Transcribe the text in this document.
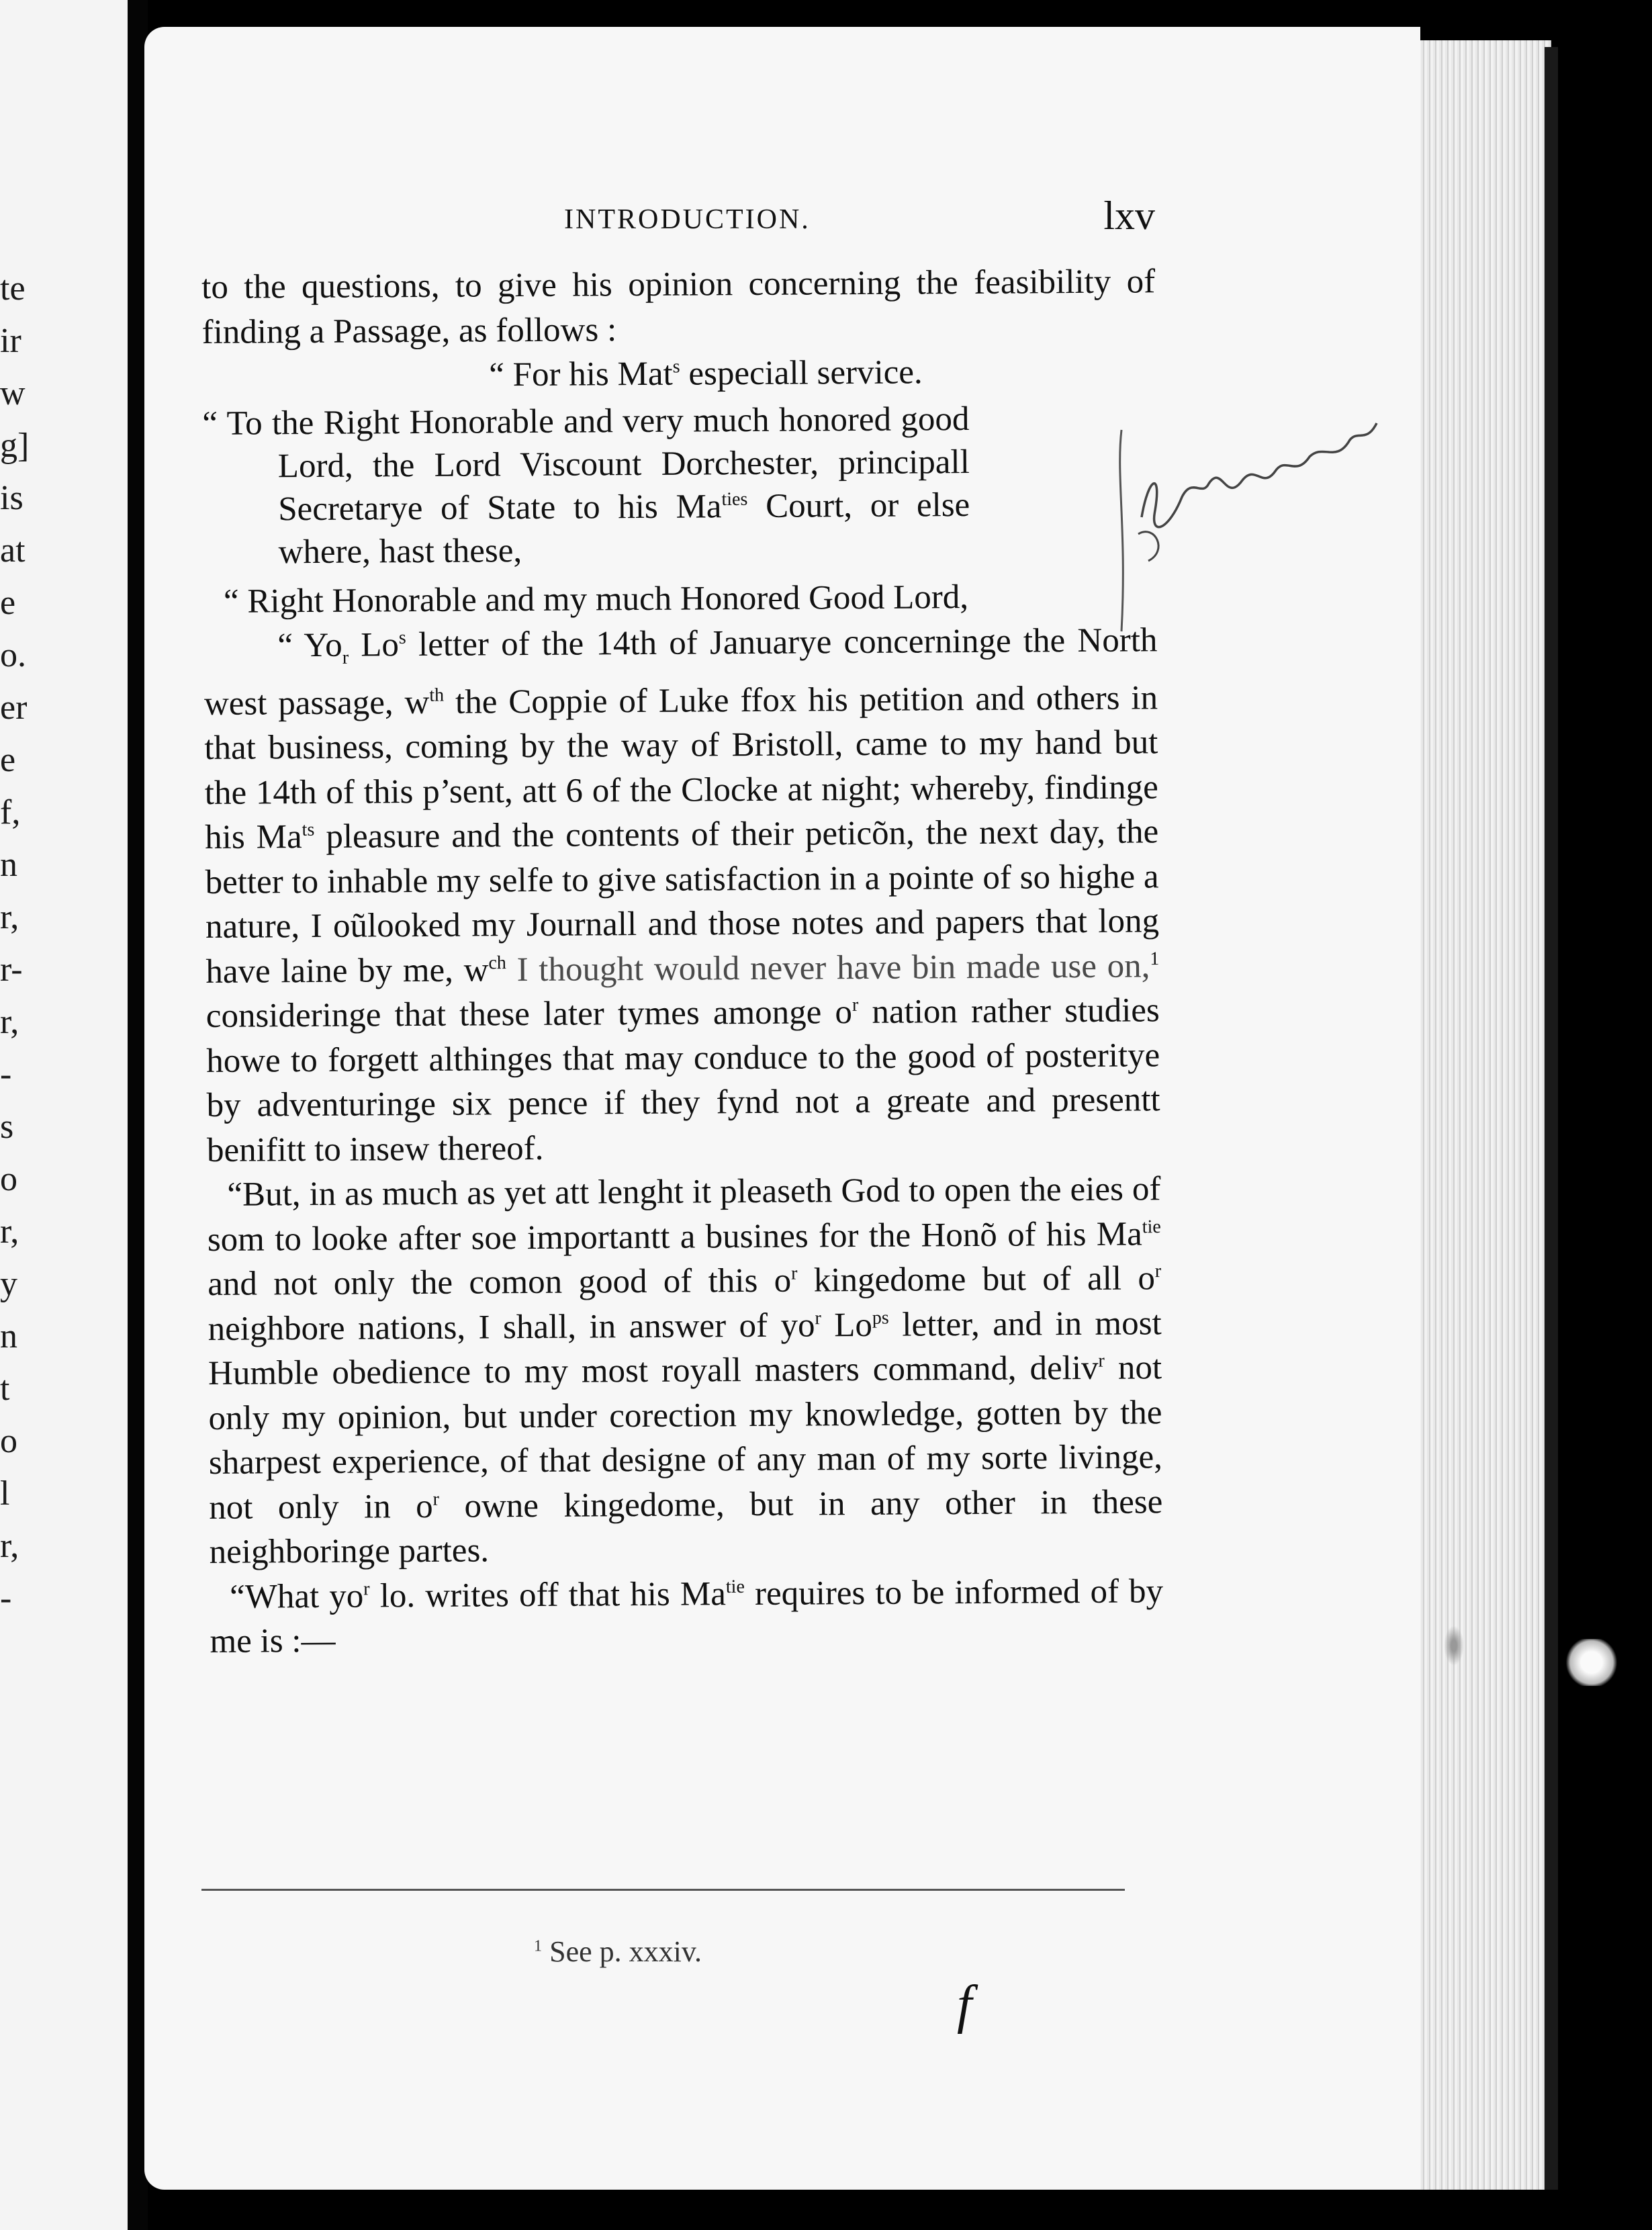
te
ir
w
g]
is
at
e
o.
er
e
f,
n
r,
r-
r,
-
s
o
r,
y
n
t
o
l
r,
-
INTRODUCTION.	lxv

to the questions, to give his opinion concerning the feasibility of finding a Passage, as follows :

“ For his Mat$^s$ especiall service.

“ To the Right Honorable and very much honored good Lord, the Lord Viscount Dorchester, principall Secretarye of State to his $Ma^{ties}$ Court, or else where, hast these,

“ Right Honorable and my much Honored Good Lord,

“ $Yo_r$ Lo$^s$ letter of the 14th of Januarye concerninge the North west passage, $w^{th}$ the Coppie of Luke ffox his petition and others in that business, coming by the way of Bristoll, came to my hand but the 14th of this p’sent, att 6 of the Clocke at night; whereby, findinge his $Ma^{ts}$ pleasure and the contents of their peticõn, the next day, the better to inhable my selfe to give satisfaction in a pointe of so highe a nature, I oũlooked my Journall and those notes and papers that long have laine by me, $w^{ch}$ I thought would never have bin made use on,$^1$ consideringe that these later tymes amonge $o^r$ nation rather studies howe to forgett althinges that may conduce to the good of posteritye by adventuringe six pence if they fynd not a greate and presentt benifitt to insew thereof.

“But, in as much as yet att lenght it pleaseth God to open the eies of som to looke after soe importantt a busines for the Honõ of his $Ma^{tie}$ and not only the comon good of this $o^r$ kingedome but of all $o^r$ neighbore nations, I shall, in answer of $yo^r$ $Lo^{ps}$ letter, and in most Humble obedience to my most royall masters command, deliv$^r$ not only my opinion, but under corection my knowledge, gotten by the sharpest experience, of that designe of any man of my sorte livinge, not only in $o^r$ owne kingedome, but in any other in these neighboringe partes.

“What $yo^r$ lo. writes off that his $Ma^{tie}$ requires to be informed of by me is :—

$^1$ See p. xxxiv.
f
